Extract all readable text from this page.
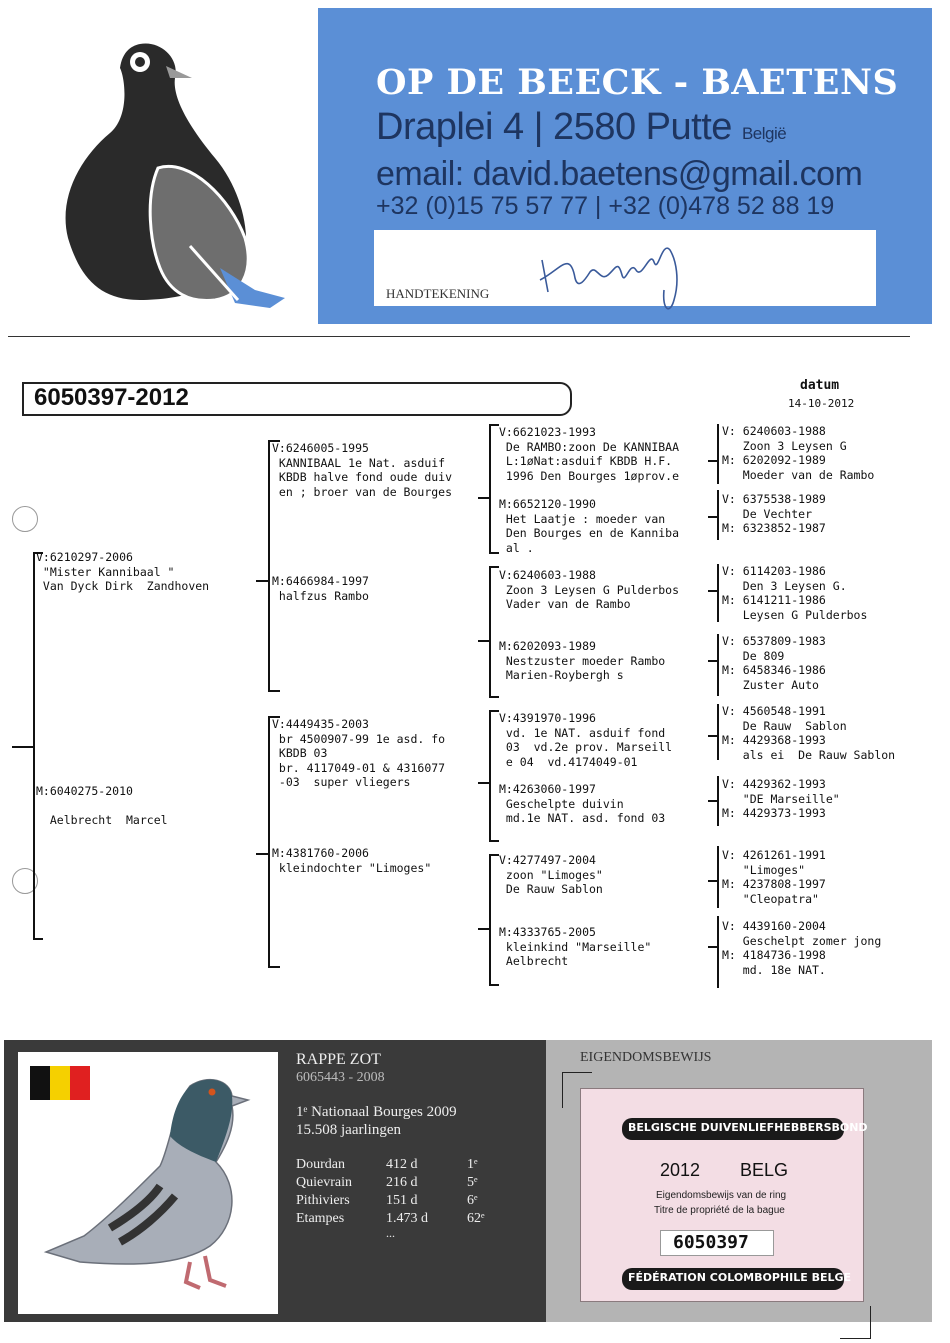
OP DE BEECK - BAETENS
Draplei 4 | 2580 Putte België
email: david.baetens@gmail.com
+32 (0)15 75 57 77 | +32 (0)478 52 88 19
HANDTEKENING
6050397-2012	datum
14-10-2012
V:6210297-2006
"Mister Kannibaal "
Van Dyck Dirk  Zandhoven
M:6040275-2010

Aelbrecht  Marcel
V:6246005-1995
KANNIBAAL 1e Nat. asduif
KBDB halve fond oude duiv
en ; broer van de Bourges
M:6466984-1997
halfzus Rambo
V:4449435-2003
br 4500907-99 1e asd. fo
KBDB 03
br. 4117049-01 & 4316077
-03  super vliegers
M:4381760-2006
kleindochter "Limoges"
V:6621023-1993
De RAMBO:zoon De KANNIBAA
L:1øNat:asduif KBDB H.F.
1996 Den Bourges 1øprov.e
M:6652120-1990
Het Laatje : moeder van
Den Bourges en de Kanniba
al .
V:6240603-1988
Zoon 3 Leysen G Pulderbos
Vader van de Rambo
M:6202093-1989
Nestzuster moeder Rambo
Marien-Roybergh s
V:4391970-1996
vd. 1e NAT. asduif fond
03  vd.2e prov. Marseill
e 04  vd.4174049-01
M:4263060-1997
Geschelpte duivin
md.1e NAT. asd. fond 03
V:4277497-2004
zoon "Limoges"
De Rauw Sablon
M:4333765-2005
kleinkind "Marseille"
Aelbrecht
V: 6240603-1988
Zoon 3 Leysen G
M: 6202092-1989
Moeder van de Rambo
V: 6375538-1989
De Vechter
M: 6323852-1987
V: 6114203-1986
Den 3 Leysen G.
M: 6141211-1986
Leysen G Pulderbos
V: 6537809-1983
De 809
M: 6458346-1986
Zuster Auto
V: 4560548-1991
De Rauw  Sablon
M: 4429368-1993
als ei  De Rauw Sablon
V: 4429362-1993
"DE Marseille"
M: 4429373-1993
V: 4261261-1991
"Limoges"
M: 4237808-1997
"Cleopatra"
V: 4439160-2004
Geschelpt zomer jong
M: 4184736-1998
md. 18e NAT.
RAPPE ZOT
6065443 - 2008
1ᵉ Nationaal Bourges 2009
15.508 jaarlingen
Dourdan	412 d	1ᵉ
Quievrain 216 d	5ᵉ
Pithiviers	151 d	6ᵉ
Etampes	1.473 d	62ᵉ
...
EIGENDOMSBEWIJS
BELGISCHE DUIVENLIEFHEBBERSBOND
2012 BELG
Eigendomsbewijs van de ring
Titre de propriété de la bague
6050397
FÉDÉRATION COLOMBOPHILE BELGE
